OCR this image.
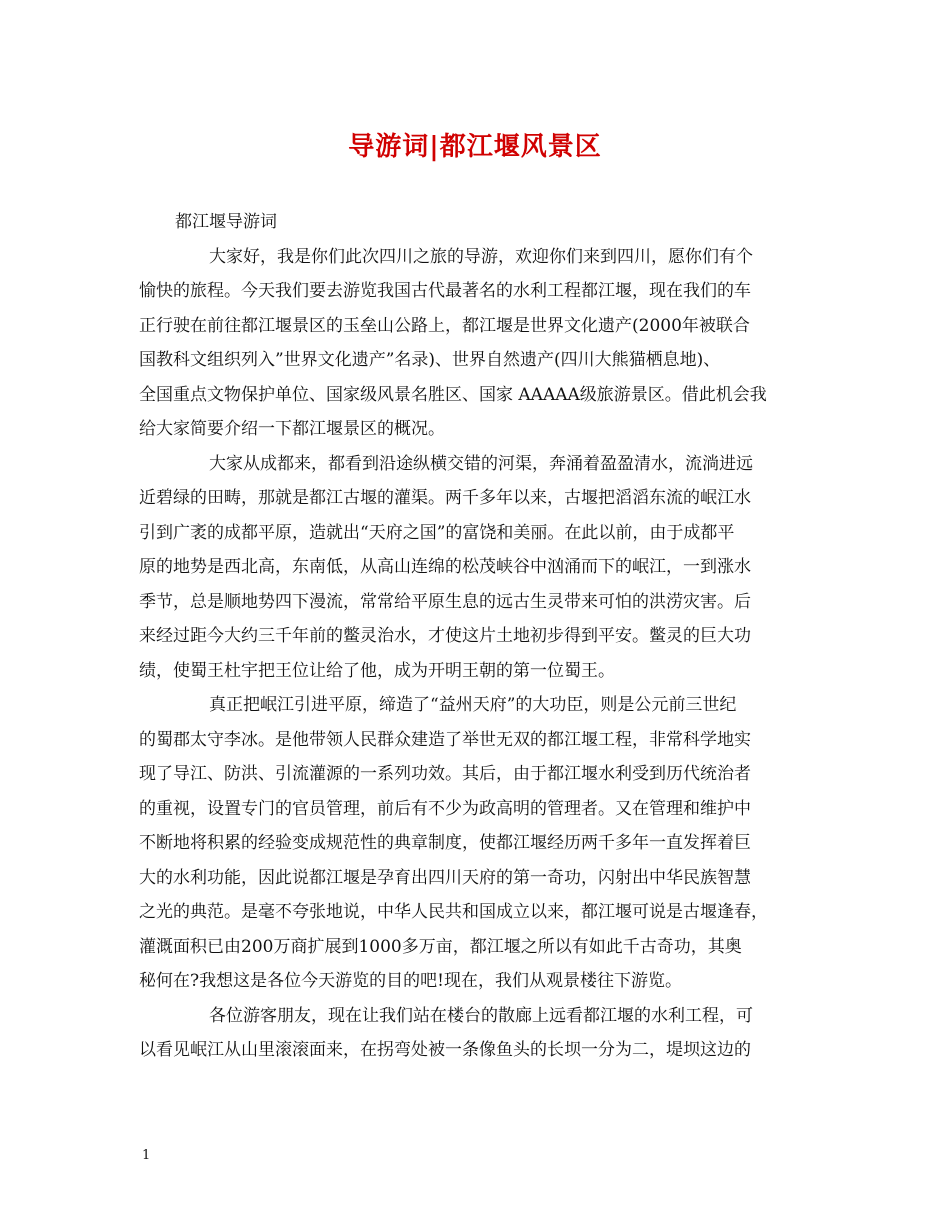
导游词|都江堰风景区
都江堰导游词
大家好，我是你们此次四川之旅的导游，欢迎你们来到四川，愿你们有个
愉快的旅程。今天我们要去游览我国古代最著名的水利工程都江堰，现在我们的车
正行驶在前往都江堰景区的玉垒山公路上，都江堰是世界文化遗产(2000年被联合
国教科文组织列入”世界文化遗产”名录)、世界自然遗产(四川大熊猫栖息地)、
全国重点文物保护单位、国家级风景名胜区、国家 AAAAA级旅游景区。借此机会我
给大家简要介绍一下都江堰景区的概况。
大家从成都来，都看到沿途纵横交错的河渠，奔涌着盈盈清水，流淌进远
近碧绿的田畴，那就是都江古堰的灌渠。两千多年以来，古堰把滔滔东流的岷江水
引到广袤的成都平原，造就出“天府之国”的富饶和美丽。在此以前，由于成都平
原的地势是西北高，东南低，从高山连绵的松茂峡谷中汹涌而下的岷江，一到涨水
季节，总是顺地势四下漫流，常常给平原生息的远古生灵带来可怕的洪涝灾害。后
来经过距今大约三千年前的鳖灵治水，才使这片土地初步得到平安。鳖灵的巨大功
绩，使蜀王杜宇把王位让给了他，成为开明王朝的第一位蜀王。
真正把岷江引进平原，缔造了“益州天府”的大功臣，则是公元前三世纪
的蜀郡太守李冰。是他带领人民群众建造了举世无双的都江堰工程，非常科学地实
现了导江、防洪、引流灌源的一系列功效。其后，由于都江堰水利受到历代统治者
的重视，设置专门的官员管理，前后有不少为政高明的管理者。又在管理和维护中
不断地将积累的经验变成规范性的典章制度，使都江堰经历两千多年一直发挥着巨
大的水利功能，因此说都江堰是孕育出四川天府的第一奇功，闪射出中华民族智慧
之光的典范。是毫不夸张地说，中华人民共和国成立以来，都江堰可说是古堰逢春，
灌溉面积已由200万商扩展到1000多万亩，都江堰之所以有如此千古奇功，其奥
秘何在?我想这是各位今天游览的目的吧!现在，我们从观景楼往下游览。
各位游客朋友，现在让我们站在楼台的散廊上远看都江堰的水利工程，可
以看见岷江从山里滚滚面来，在拐弯处被一条像鱼头的长坝一分为二，堤坝这边的
1
